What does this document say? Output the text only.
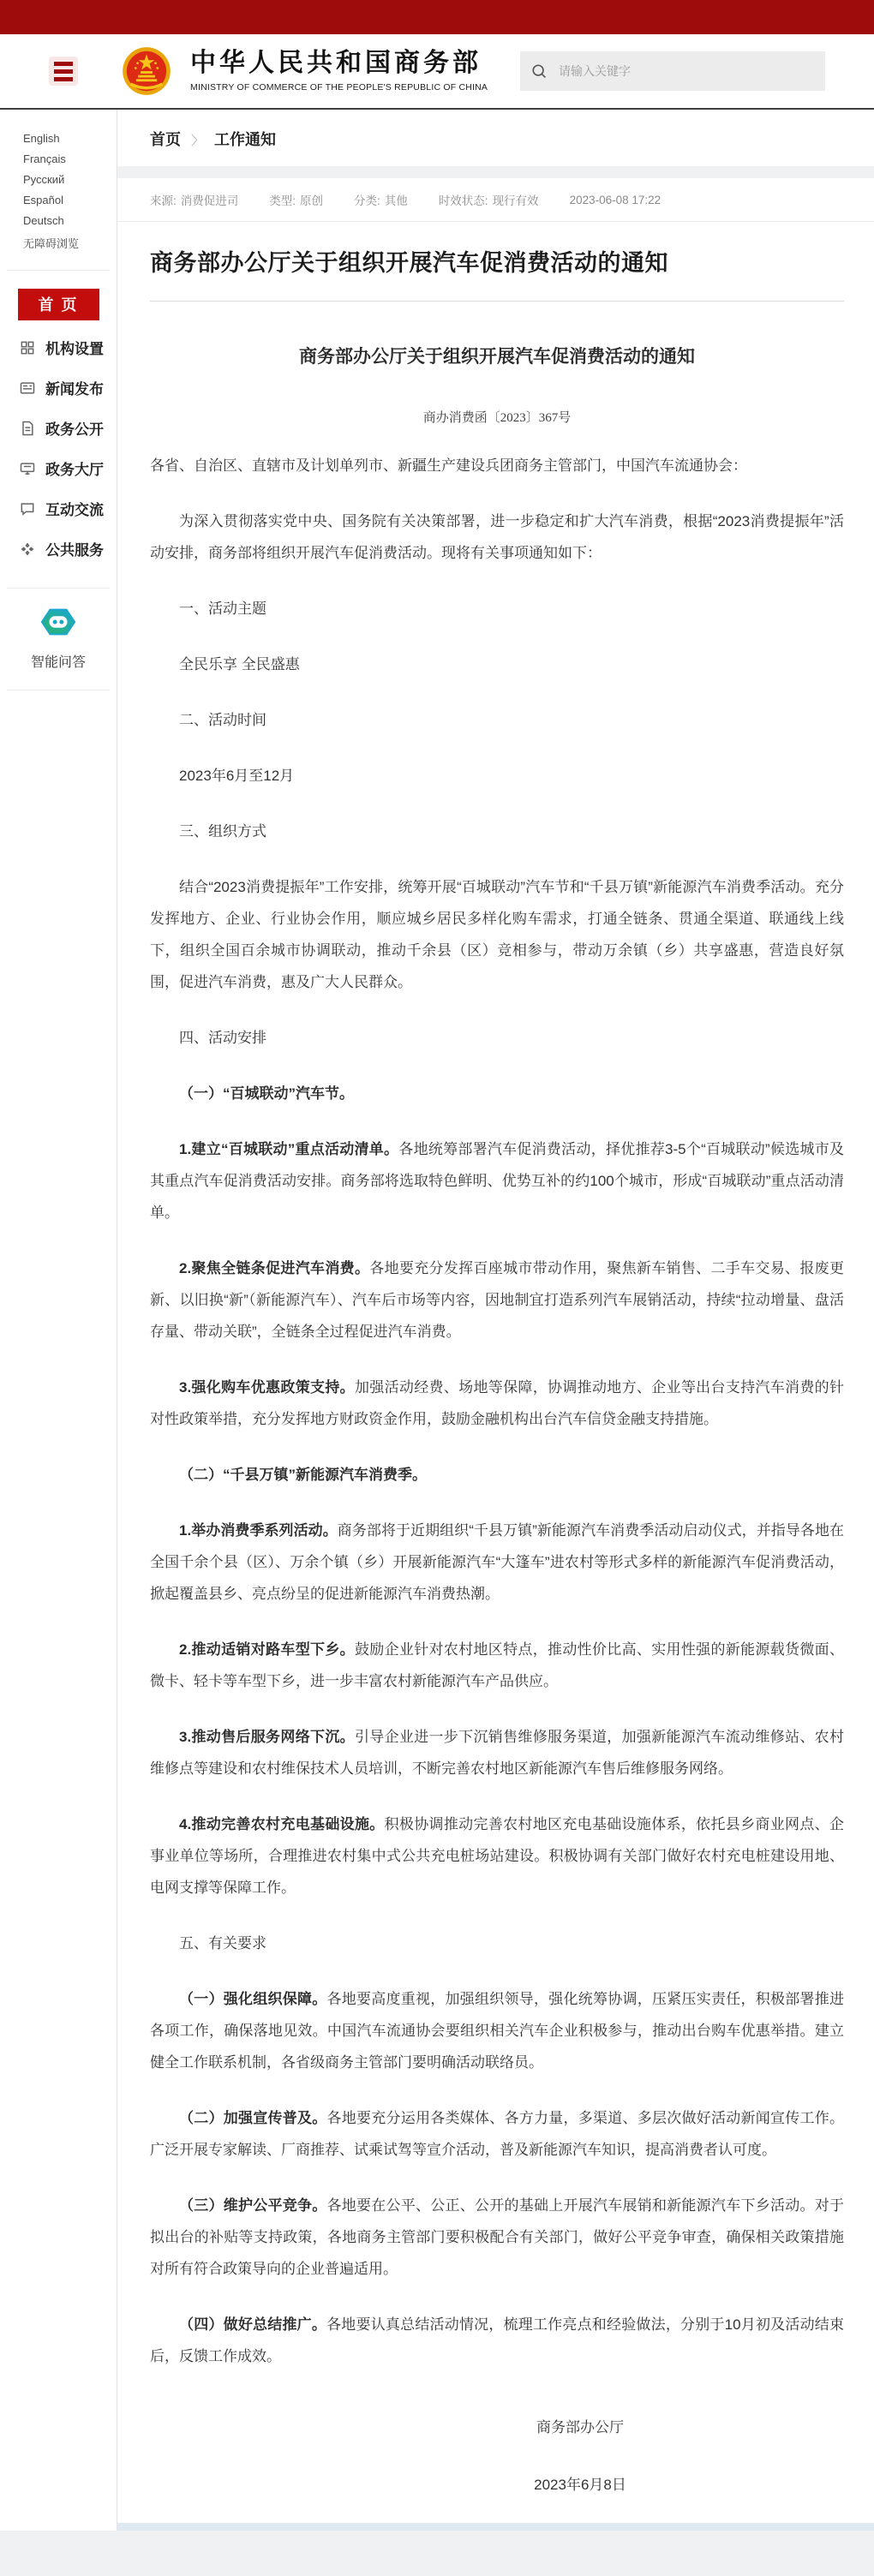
中华人民共和国商务部
MINISTRY OF COMMERCE OF THE PEOPLE'S REPUBLIC OF CHINA
请输入关键字
English
Français
Русский
Español
Deutsch
无障碍浏览
首 页
机构设置
新闻发布
政务公开
政务大厅
互动交流
公共服务
智能问答
首页 〉 工作通知
来源: 消费促进司	类型: 原创	分类: 其他	时效状态: 现行有效	2023-06-08 17:22
商务部办公厅关于组织开展汽车促消费活动的通知
商务部办公厅关于组织开展汽车促消费活动的通知
商办消费函〔2023〕367号

各省、自治区、直辖市及计划单列市、新疆生产建设兵团商务主管部门，中国汽车流通协会：

为深入贯彻落实党中央、国务院有关决策部署，进一步稳定和扩大汽车消费，根据“2023消费提振年”活动安排，商务部将组织开展汽车促消费活动。现将有关事项通知如下：

一、活动主题

全民乐享 全民盛惠

二、活动时间

2023年6月至12月

三、组织方式

结合“2023消费提振年”工作安排，统筹开展“百城联动”汽车节和“千县万镇”新能源汽车消费季活动。充分发挥地方、企业、行业协会作用，顺应城乡居民多样化购车需求，打通全链条、贯通全渠道、联通线上线下，组织全国百余城市协调联动，推动千余县（区）竞相参与，带动万余镇（乡）共享盛惠，营造良好氛围，促进汽车消费，惠及广大人民群众。

四、活动安排

（一）“百城联动”汽车节。

1.建立“百城联动”重点活动清单。各地统筹部署汽车促消费活动，择优推荐3-5个“百城联动”候选城市及其重点汽车促消费活动安排。商务部将选取特色鲜明、优势互补的约100个城市，形成“百城联动”重点活动清单。

2.聚焦全链条促进汽车消费。各地要充分发挥百座城市带动作用，聚焦新车销售、二手车交易、报废更新、以旧换“新”（新能源汽车）、汽车后市场等内容，因地制宜打造系列汽车展销活动，持续“拉动增量、盘活存量、带动关联”，全链条全过程促进汽车消费。

3.强化购车优惠政策支持。加强活动经费、场地等保障，协调推动地方、企业等出台支持汽车消费的针对性政策举措，充分发挥地方财政资金作用，鼓励金融机构出台汽车信贷金融支持措施。

（二）“千县万镇”新能源汽车消费季。

1.举办消费季系列活动。商务部将于近期组织“千县万镇”新能源汽车消费季活动启动仪式，并指导各地在全国千余个县（区）、万余个镇（乡）开展新能源汽车“大篷车”进农村等形式多样的新能源汽车促消费活动，掀起覆盖县乡、亮点纷呈的促进新能源汽车消费热潮。

2.推动适销对路车型下乡。鼓励企业针对农村地区特点，推动性价比高、实用性强的新能源载货微面、微卡、轻卡等车型下乡，进一步丰富农村新能源汽车产品供应。

3.推动售后服务网络下沉。引导企业进一步下沉销售维修服务渠道，加强新能源汽车流动维修站、农村维修点等建设和农村维保技术人员培训，不断完善农村地区新能源汽车售后维修服务网络。

4.推动完善农村充电基础设施。积极协调推动完善农村地区充电基础设施体系，依托县乡商业网点、企事业单位等场所，合理推进农村集中式公共充电桩场站建设。积极协调有关部门做好农村充电桩建设用地、电网支撑等保障工作。

五、有关要求

（一）强化组织保障。各地要高度重视，加强组织领导，强化统筹协调，压紧压实责任，积极部署推进各项工作，确保落地见效。中国汽车流通协会要组织相关汽车企业积极参与，推动出台购车优惠举措。建立健全工作联系机制，各省级商务主管部门要明确活动联络员。

（二）加强宣传普及。各地要充分运用各类媒体、各方力量，多渠道、多层次做好活动新闻宣传工作。广泛开展专家解读、厂商推荐、试乘试驾等宣介活动，普及新能源汽车知识，提高消费者认可度。

（三）维护公平竞争。各地要在公平、公正、公开的基础上开展汽车展销和新能源汽车下乡活动。对于拟出台的补贴等支持政策，各地商务主管部门要积极配合有关部门，做好公平竞争审查，确保相关政策措施对所有符合政策导向的企业普遍适用。

（四）做好总结推广。各地要认真总结活动情况，梳理工作亮点和经验做法，分别于10月初及活动结束后，反馈工作成效。

商务部办公厅
2023年6月8日
